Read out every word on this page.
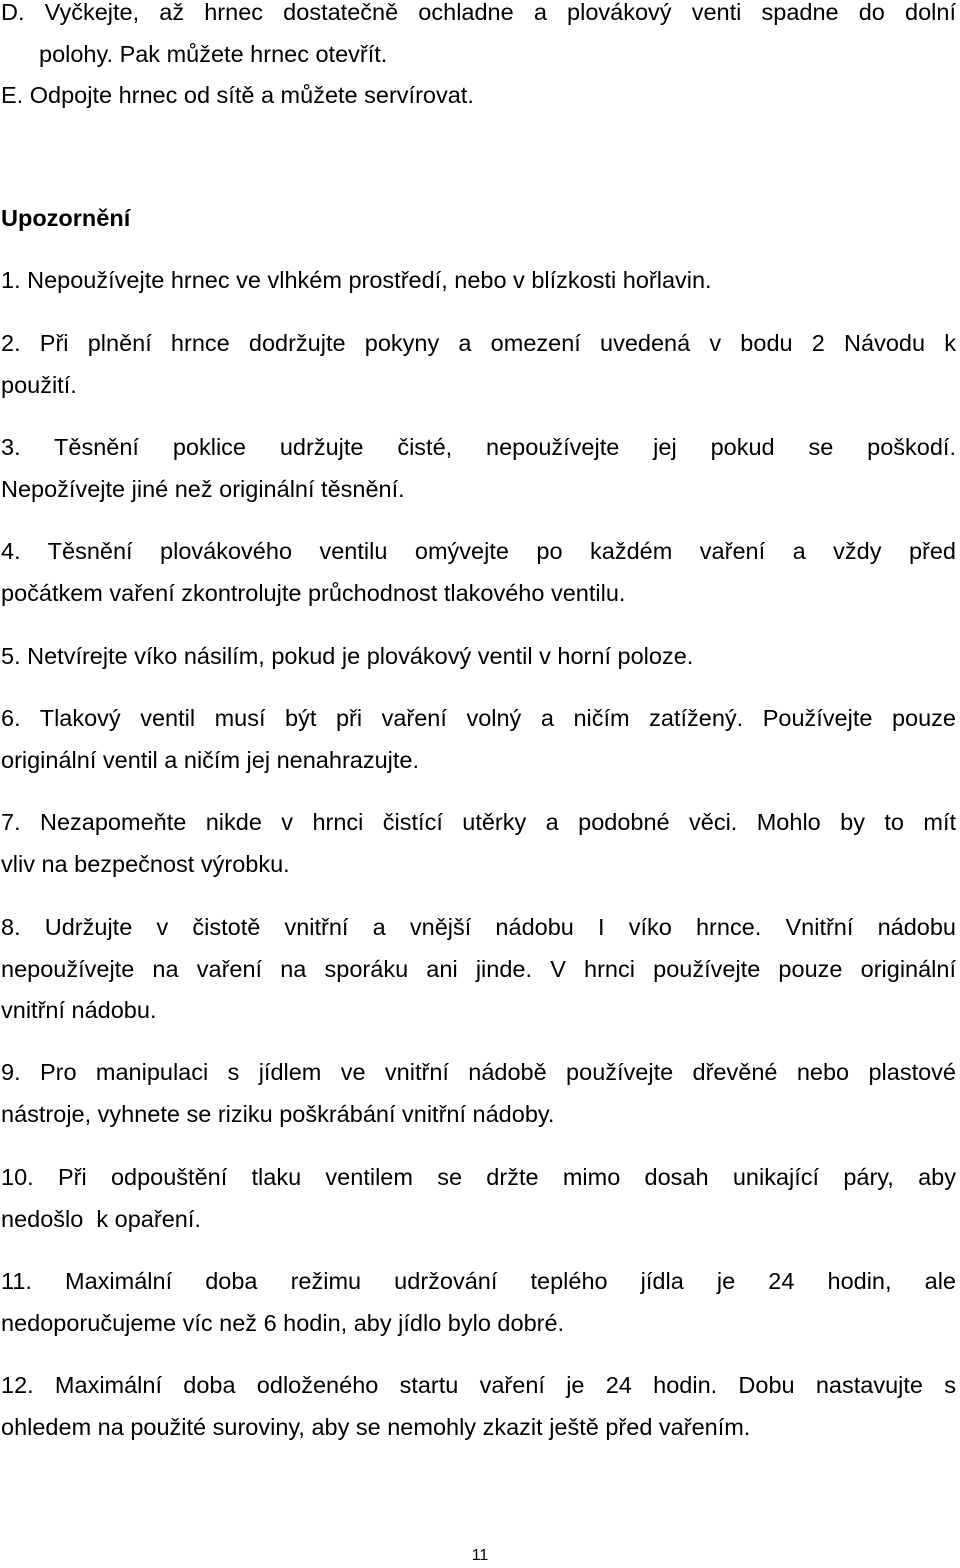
D. Vyčkejte, až hrnec dostatečně ochladne a plovákový venti spadne do dolní
polohy. Pak můžete hrnec otevřít.
E. Odpojte hrnec od sítě a můžete servírovat.
Upozornění
1. Nepoužívejte hrnec ve vlhkém prostředí, nebo v blízkosti hořlavin.
2. Při plnění hrnce dodržujte pokyny a omezení uvedená v bodu 2 Návodu k
použití.
3. Těsnění poklice udržujte čisté, nepoužívejte jej pokud se poškodí.
Nepožívejte jiné než originální těsnění.
4. Těsnění plovákového ventilu omývejte po každém vaření a vždy před
počátkem vaření zkontrolujte průchodnost tlakového ventilu.
5. Netvírejte víko násilím, pokud je plovákový ventil v horní poloze.
6. Tlakový ventil musí být při vaření volný a ničím zatížený. Používejte pouze
originální ventil a ničím jej nenahrazujte.
7. Nezapomeňte nikde v hrnci čistící utěrky a podobné věci. Mohlo by to mít
vliv na bezpečnost výrobku.
8. Udržujte v čistotě vnitřní a vnější nádobu I víko hrnce. Vnitřní nádobu
nepoužívejte na vaření na sporáku ani jinde. V hrnci používejte pouze originální
vnitřní nádobu.
9. Pro manipulaci s jídlem ve vnitřní nádobě používejte dřevěné nebo plastové
nástroje, vyhnete se riziku poškrábání vnitřní nádoby.
10. Při odpouštění tlaku ventilem se držte mimo dosah unikající páry, aby
nedošlo  k opaření.
11. Maximální doba režimu udržování teplého jídla je 24 hodin, ale
nedoporučujeme víc než 6 hodin, aby jídlo bylo dobré.
12. Maximální doba odloženého startu vaření je 24 hodin. Dobu nastavujte s
ohledem na použité suroviny, aby se nemohly zkazit ještě před vařením.
11
